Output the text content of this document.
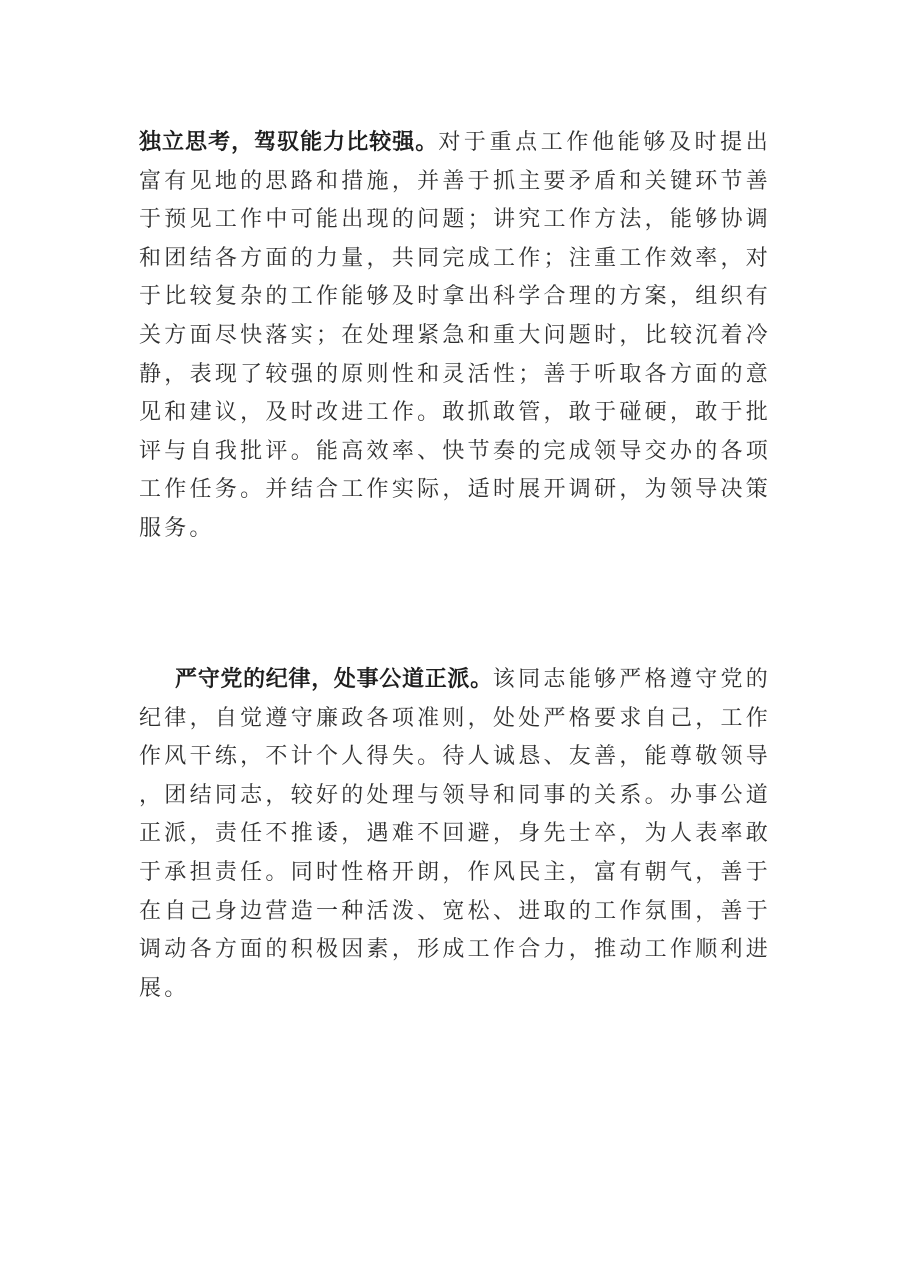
独立思考，驾驭能力比较强。对于重点工作他能够及时提出富有见地的思路和措施，并善于抓主要矛盾和关键环节善于预见工作中可能出现的问题；讲究工作方法，能够协调和团结各方面的力量，共同完成工作；注重工作效率，对于比较复杂的工作能够及时拿出科学合理的方案，组织有关方面尽快落实；在处理紧急和重大问题时，比较沉着冷静，表现了较强的原则性和灵活性；善于听取各方面的意见和建议，及时改进工作。敢抓敢管，敢于碰硬，敢于批评与自我批评。能高效率、快节奏的完成领导交办的各项工作任务。并结合工作实际，适时展开调研，为领导决策服务。

严守党的纪律，处事公道正派。该同志能够严格遵守党的纪律，自觉遵守廉政各项准则，处处严格要求自己，工作作风干练，不计个人得失。待人诚恳、友善，能尊敬领导，团结同志，较好的处理与领导和同事的关系。办事公道正派，责任不推诿，遇难不回避，身先士卒，为人表率敢于承担责任。同时性格开朗，作风民主，富有朝气，善于在自己身边营造一种活泼、宽松、进取的工作氛围，善于调动各方面的积极因素，形成工作合力，推动工作顺利进展。
